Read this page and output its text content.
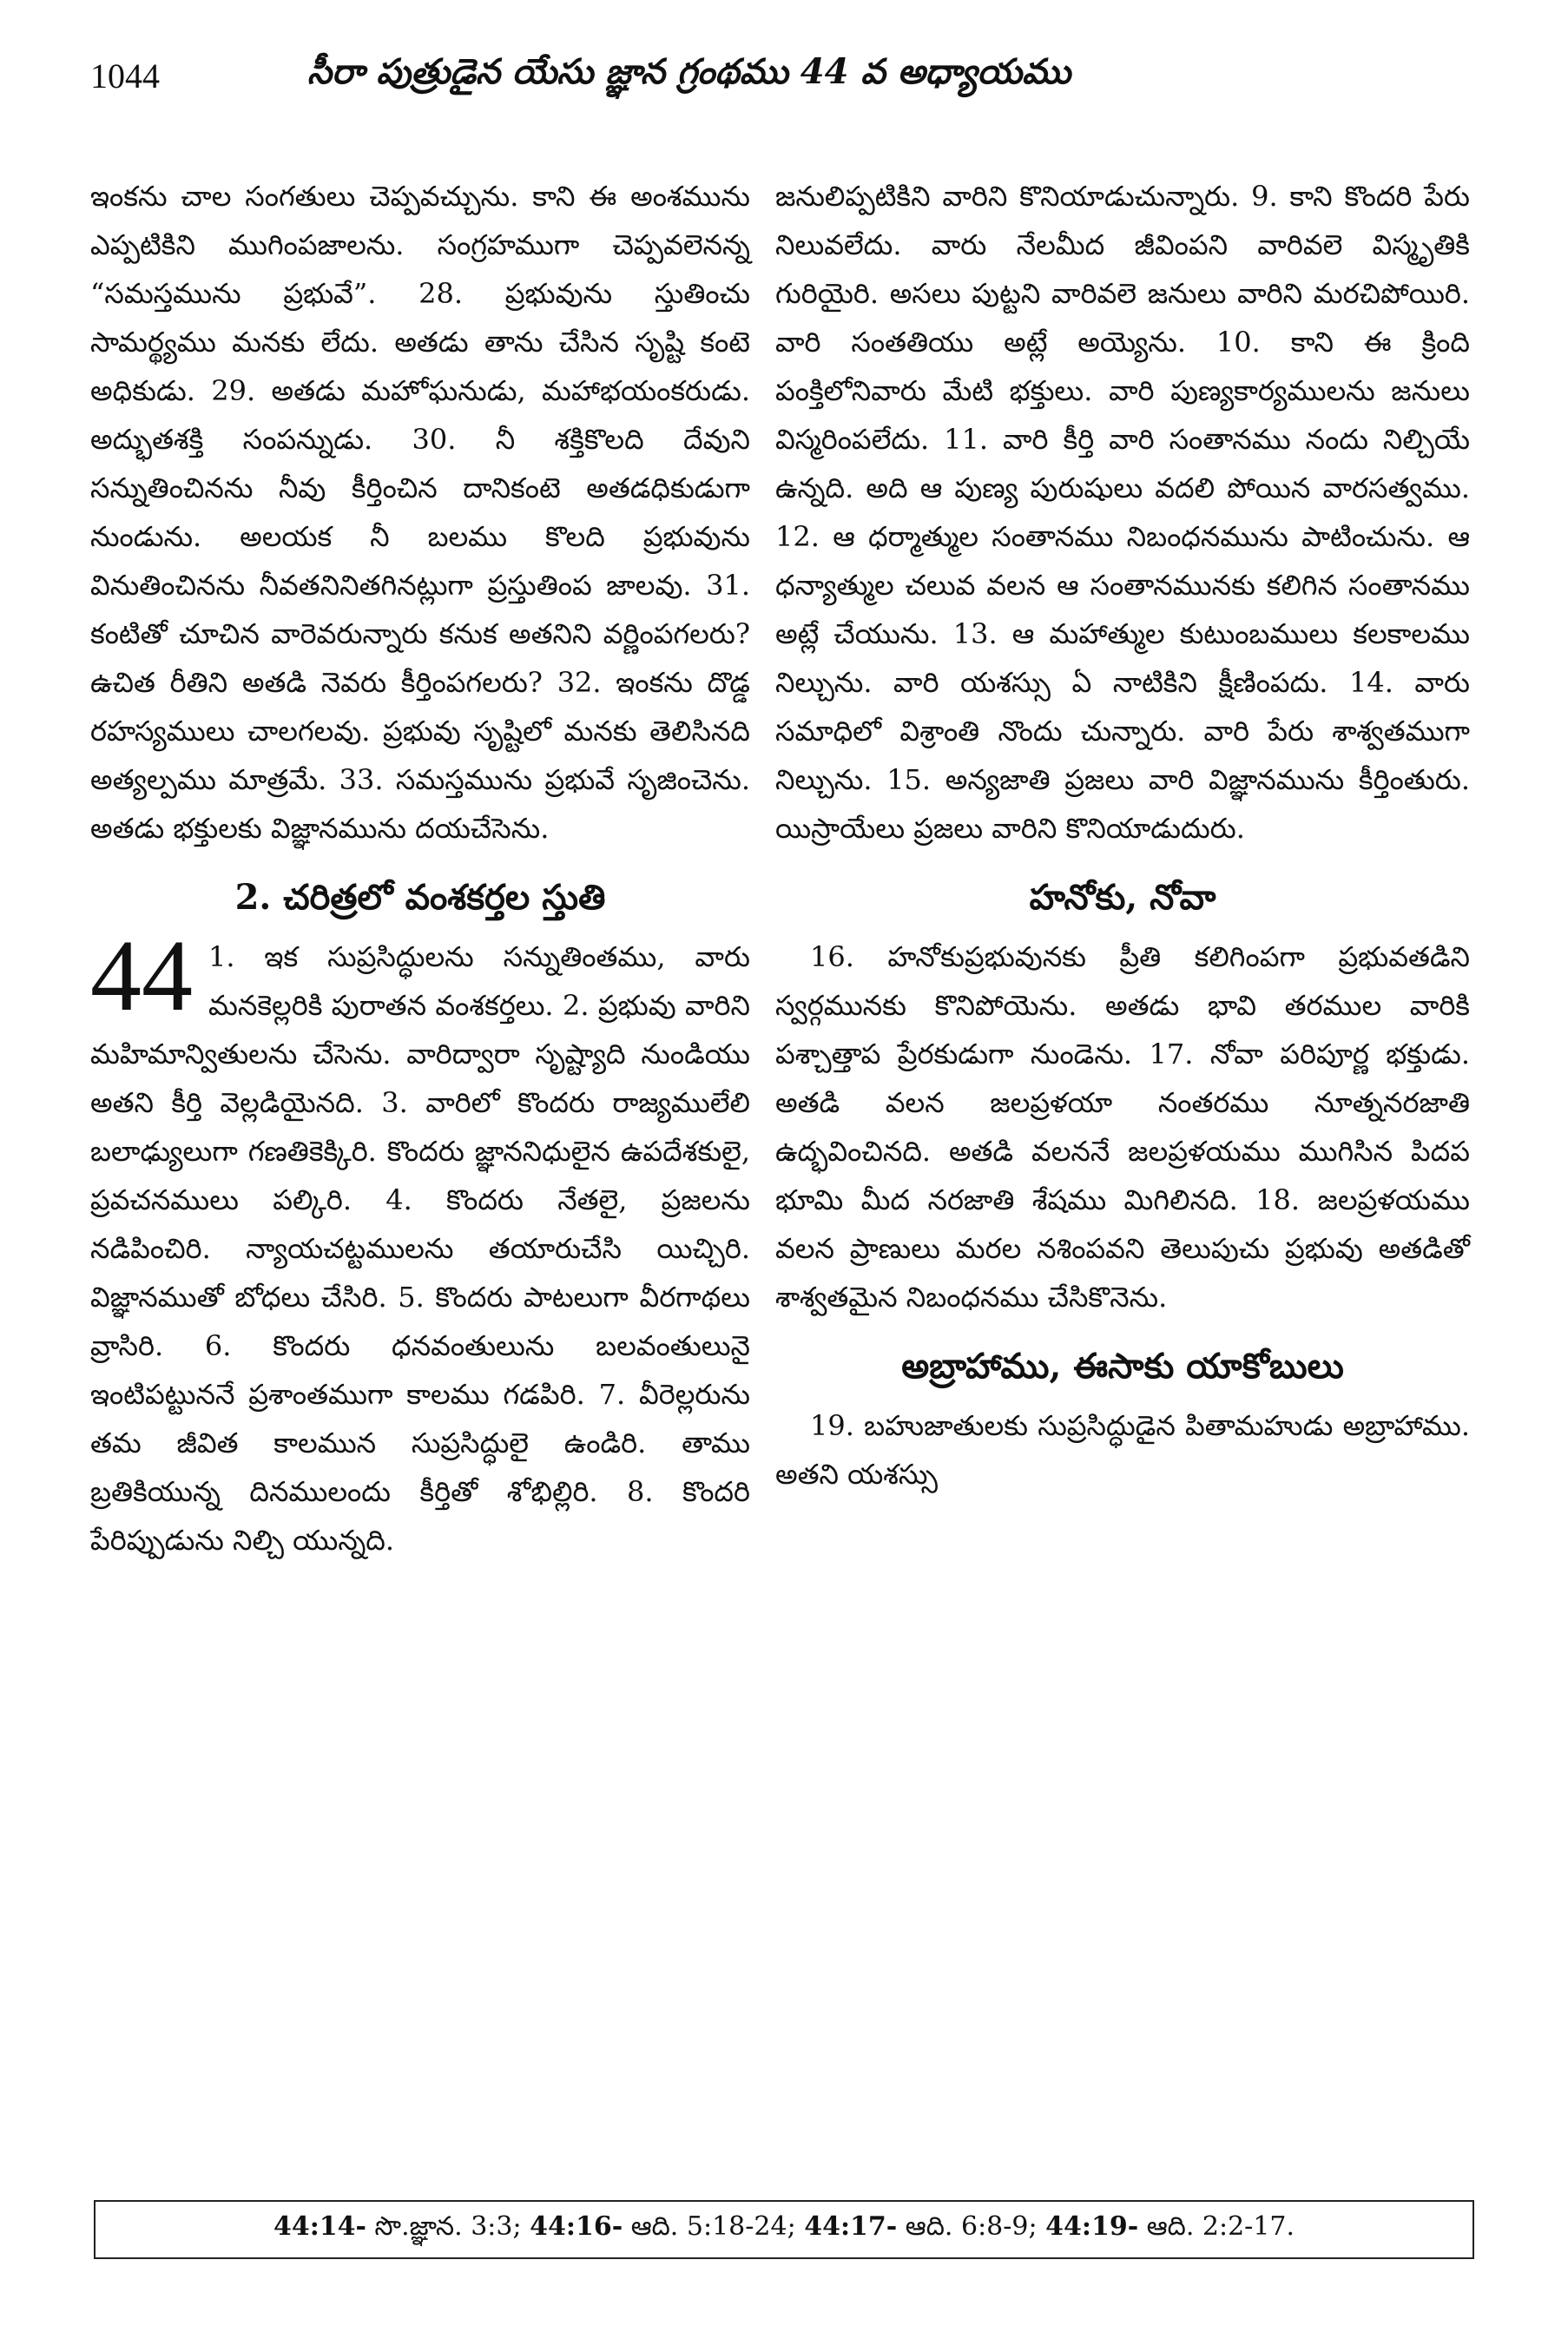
1044	సీరా పుత్రుడైన యేసు జ్ఞాన గ్రంథము 44 వ అధ్యాయము

ఇంకను చాల సంగతులు చెప్పవచ్చును. కాని ఈ అంశమును ఎప్పటికిని ముగింపజాలను. సంగ్రహముగా చెప్పవలెనన్న “సమస్తమును ప్రభువే”. 28. ప్రభువును స్తుతించు సామర్థ్యము మనకు లేదు. అతడు తాను చేసిన సృష్టి కంటె అధికుడు. 29. అతడు మహోఘనుడు, మహాభయంకరుడు. అద్భుతశక్తి సంపన్నుడు. 30. నీ శక్తికొలది దేవుని సన్నుతించినను నీవు కీర్తించిన దానికంటె అతడధికుడుగా నుండును. అలయక నీ బలము కొలది ప్రభువును వినుతించినను నీవతనినితగినట్లుగా ప్రస్తుతింప జాలవు. 31. కంటితో చూచిన వారెవరున్నారు కనుక అతనిని వర్ణింపగలరు? ఉచిత రీతిని అతడి నెవరు కీర్తింపగలరు? 32. ఇంకను దొడ్డ రహస్యములు చాలగలవు. ప్రభువు సృష్టిలో మనకు తెలిసినది అత్యల్పము మాత్రమే. 33. సమస్తమును ప్రభువే సృజించెను. అతడు భక్తులకు విజ్ఞానమును దయచేసెను.

2. చరిత్రలో వంశకర్తల స్తుతి
44 1. ఇక సుప్రసిద్ధులను సన్నుతింతము, వారు మనకెల్లరికి పురాతన వంశకర్తలు. 2. ప్రభువు వారిని మహిమాన్వితులను చేసెను. వారిద్వారా సృష్ట్యాది నుండియు అతని కీర్తి వెల్లడియైనది. 3. వారిలో కొందరు రాజ్యములేలి బలాఢ్యులుగా గణతికెక్కిరి. కొందరు జ్ఞాననిధులైన ఉపదేశకులై, ప్రవచనములు పల్కిరి. 4. కొందరు నేతలై, ప్రజలను నడిపించిరి. న్యాయచట్టములను తయారుచేసి యిచ్చిరి. విజ్ఞానముతో బోధలు చేసిరి. 5. కొందరు పాటలుగా వీరగాథలు వ్రాసిరి. 6. కొందరు ధనవంతులును బలవంతులునై ఇంటిపట్టుననే ప్రశాంతముగా కాలము గడపిరి. 7. వీరెల్లరును తమ జీవిత కాలమున సుప్రసిద్ధులై ఉండిరి. తాము బ్రతికియున్న దినములందు కీర్తితో శోభిల్లిరి. 8. కొందరి పేరిప్పుడును నిల్చి యున్నది.

జనులిప్పటికిని వారిని కొనియాడుచున్నారు. 9. కాని కొందరి పేరు నిలువలేదు. వారు నేలమీద జీవింపని వారివలె విస్మృతికి గురియైరి. అసలు పుట్టని వారివలె జనులు వారిని మరచిపోయిరి. వారి సంతతియు అట్లే అయ్యెను. 10. కాని ఈ క్రింది పంక్తిలోనివారు మేటి భక్తులు. వారి పుణ్యకార్యములను జనులు విస్మరింపలేదు. 11. వారి కీర్తి వారి సంతానము నందు నిల్చియే ఉన్నది. అది ఆ పుణ్య పురుషులు వదలి పోయిన వారసత్వము. 12. ఆ ధర్మాత్ముల సంతానము నిబంధనమును పాటించును. ఆ ధన్యాత్ముల చలువ వలన ఆ సంతానమునకు కలిగిన సంతానము అట్లే చేయును. 13. ఆ మహాత్ముల కుటుంబములు కలకాలము నిల్చును. వారి యశస్సు ఏ నాటికిని క్షీణింపదు. 14. వారు సమాధిలో విశ్రాంతి నొందు చున్నారు. వారి పేరు శాశ్వతముగా నిల్చును. 15. అన్యజాతి ప్రజలు వారి విజ్ఞానమును కీర్తింతురు. యిస్రాయేలు ప్రజలు వారిని కొనియాడుదురు.

హనోకు, నోవా

16. హనోకుప్రభువునకు ప్రీతి కలిగింపగా ప్రభువతడిని స్వర్గమునకు కొనిపోయెను. అతడు భావి తరముల వారికి పశ్చాత్తాప ప్రేరకుడుగా నుండెను. 17. నోవా పరిపూర్ణ భక్తుడు. అతడి వలన జలప్రళయా నంతరము నూత్ననరజాతి ఉద్భవించినది. అతడి వలననే జలప్రళయము ముగిసిన పిదప భూమి మీద నరజాతి శేషము మిగిలినది. 18. జలప్రళయము వలన ప్రాణులు మరల నశింపవని తెలుపుచు ప్రభువు అతడితో శాశ్వతమైన నిబంధనము చేసికొనెను.

అబ్రాహాము, ఈసాకు యాకోబులు

19. బహుజాతులకు సుప్రసిద్ధుడైన పితామహుడు అబ్రాహాము. అతని యశస్సు

44:14- సొ.జ్ఞాన. 3:3; 44:16- ఆది. 5:18-24; 44:17- ఆది. 6:8-9; 44:19- ఆది. 2:2-17.
